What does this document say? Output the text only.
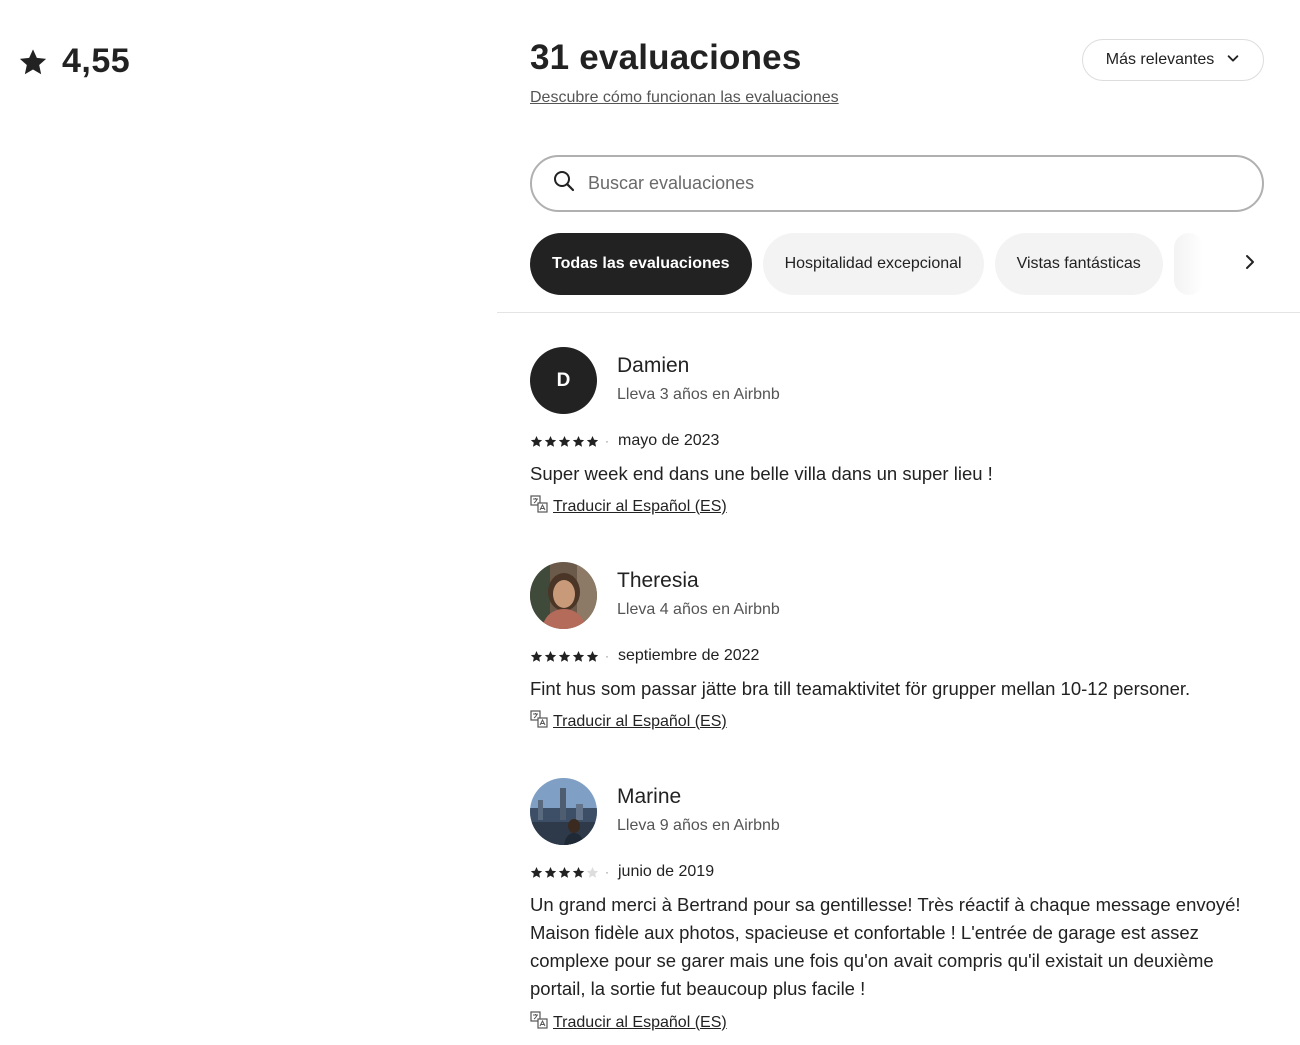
4,55	31 evaluaciones
Descubre cómo funcionan las evaluaciones
Más relevantes
Buscar evaluaciones
Todas las evaluaciones	Hospitalidad excepcional	Vistas fantásticas
D
Damien
Lleva 3 años en Airbnb
· mayo de 2023
Super week end dans une belle villa dans un super lieu !
Traducir al Español (ES)
Theresia
Lleva 4 años en Airbnb
· septiembre de 2022
Fint hus som passar jätte bra till teamaktivitet för grupper mellan 10-12 personer.
Traducir al Español (ES)
Marine
Lleva 9 años en Airbnb
· junio de 2019
Un grand merci à Bertrand pour sa gentillesse! Très réactif à chaque message envoyé! Maison fidèle aux photos, spacieuse et confortable ! L'entrée de garage est assez complexe pour se garer mais une fois qu'on avait compris qu'il existait un deuxième portail, la sortie fut beaucoup plus facile !
Traducir al Español (ES)
